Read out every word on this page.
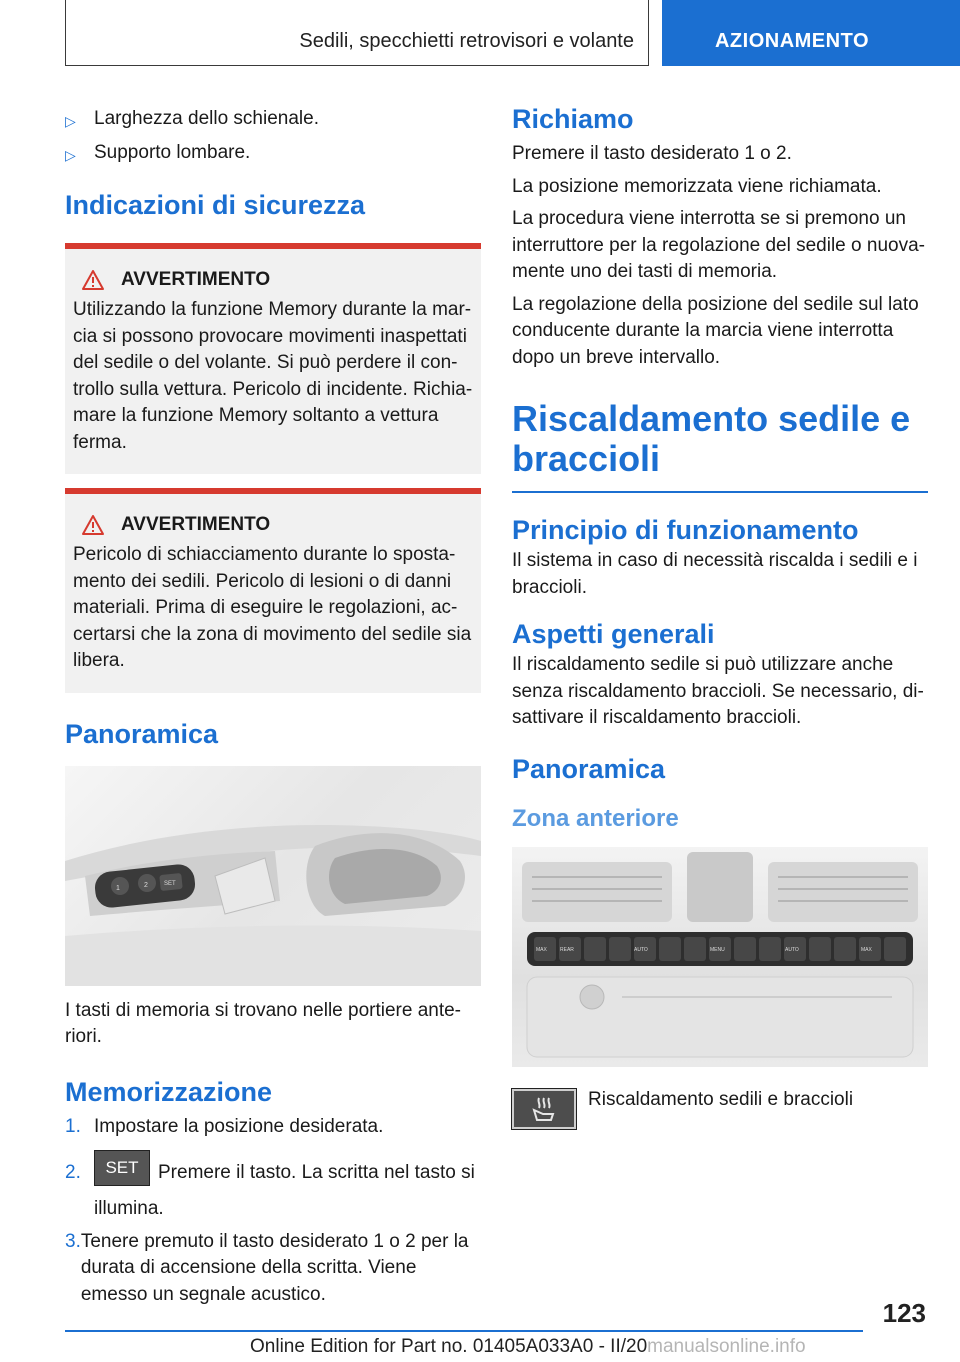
Sedili, specchietti retrovisori e volante	AZIONAMENTO
▷ Larghezza dello schienale.
▷ Supporto lombare.
Indicazioni di sicurezza
AVVERTIMENTO
Utilizzando la funzione Memory durante la mar-cia si possono provocare movimenti inaspettati del sedile o del volante. Si può perdere il con-trollo sulla vettura. Pericolo di incidente. Richia-mare la funzione Memory soltanto a vettura ferma.
AVVERTIMENTO
Pericolo di schiacciamento durante lo sposta-mento dei sedili. Pericolo di lesioni o di danni materiali. Prima di eseguire le regolazioni, ac-certarsi che la zona di movimento del sedile sia libera.
Panoramica
1	2	SET

I tasti di memoria si trovano nelle portiere ante-riori.

Memorizzazione
1. Impostare la posizione desiderata.
2.	SET Premere il tasto. La scritta nel tasto si illumina.
3. Tenere premuto il tasto desiderato 1 o 2 per la durata di accensione della scritta. Viene emesso un segnale acustico.
Richiamo

Premere il tasto desiderato 1 o 2.

La posizione memorizzata viene richiamata.

La procedura viene interrotta se si premono un interruttore per la regolazione del sedile o nuova-mente uno dei tasti di memoria.

La regolazione della posizione del sedile sul lato conducente durante la marcia viene interrotta dopo un breve intervallo.

Riscaldamento sedile e braccioli
Principio di funzionamento

Il sistema in caso di necessità riscalda i sedili e i braccioli.

Aspetti generali

Il riscaldamento sedile si può utilizzare anche senza riscaldamento braccioli. Se necessario, di-sattivare il riscaldamento braccioli.

Panoramica
Zona anteriore
MAX	REAR	AUTO	MENU	AUTO	MAX

Riscaldamento sedili e braccioli

123
Online Edition for Part no. 01405A033A0 - II/20manualsonline.info
